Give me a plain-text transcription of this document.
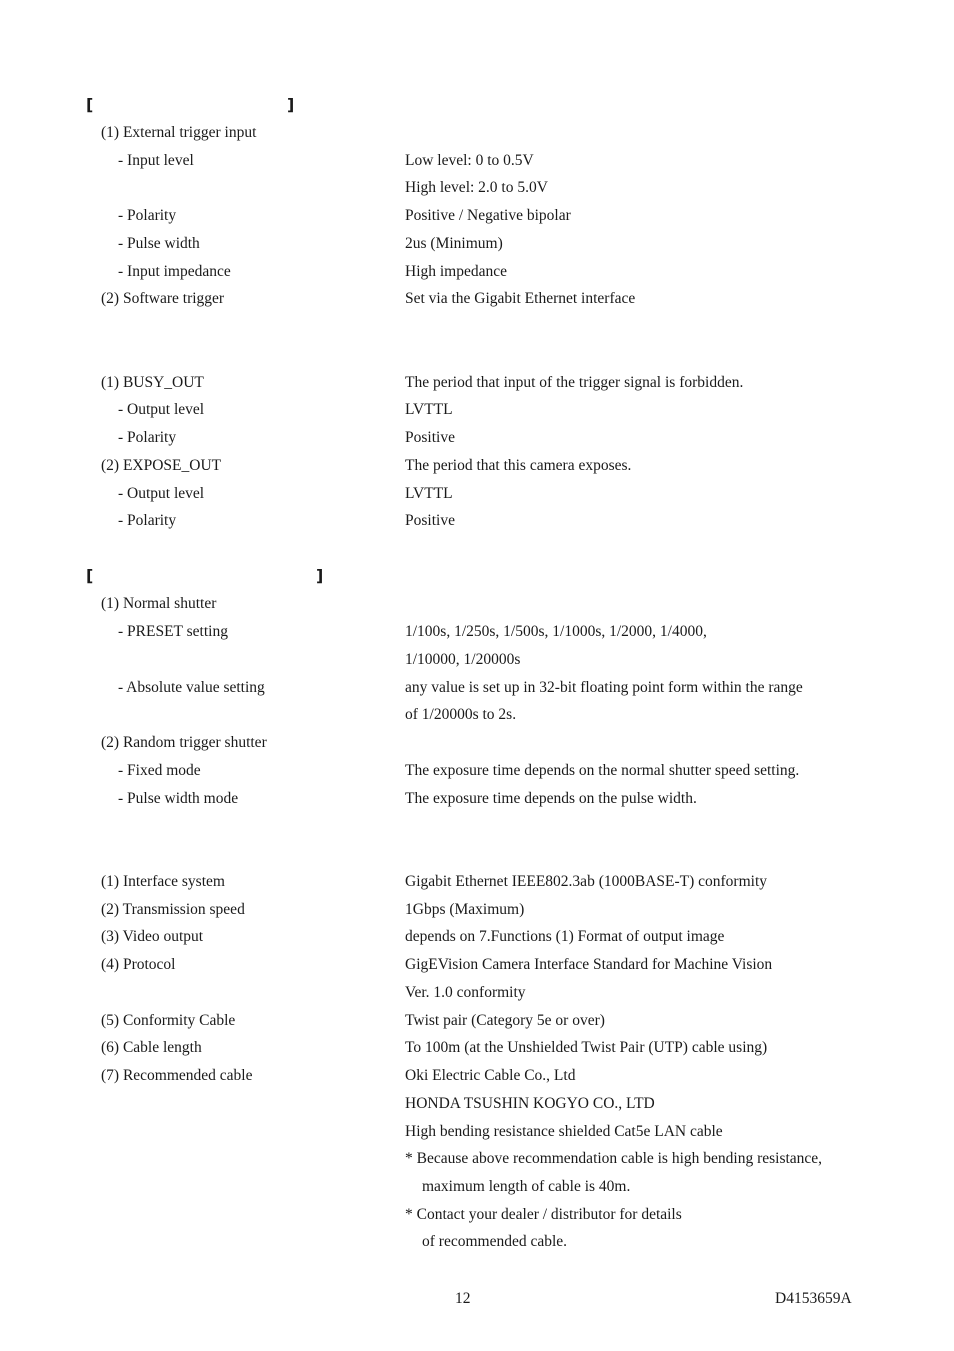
[	]
(1) External trigger input
- Input level	Low level: 0 to 0.5V
High level: 2.0 to 5.0V
- Polarity	Positive / Negative bipolar
- Pulse width	2us (Minimum)
- Input impedance	High impedance
(2) Software trigger	Set via the Gigabit Ethernet interface
(1) BUSY_OUT	The period that input of the trigger signal is forbidden.
- Output level	LVTTL
- Polarity	Positive
(2) EXPOSE_OUT	The period that this camera exposes.
- Output level	LVTTL
- Polarity	Positive
[	]
(1) Normal shutter
- PRESET setting	1/100s, 1/250s, 1/500s, 1/1000s, 1/2000, 1/4000,
1/10000, 1/20000s
- Absolute value setting	any value is set up in 32-bit floating point form within the range
of 1/20000s to 2s.
(2) Random trigger shutter
- Fixed mode	The exposure time depends on the normal shutter speed setting.
- Pulse width mode	The exposure time depends on the pulse width.
(1) Interface system	Gigabit Ethernet IEEE802.3ab (1000BASE-T) conformity
(2) Transmission speed	1Gbps (Maximum)
(3) Video output	depends on 7.Functions (1) Format of output image
(4) Protocol	GigEVision Camera Interface Standard for Machine Vision
Ver. 1.0 conformity
(5) Conformity Cable	Twist pair (Category 5e or over)
(6) Cable length	To 100m (at the Unshielded Twist Pair (UTP) cable using)
(7) Recommended cable	Oki Electric Cable Co., Ltd
HONDA TSUSHIN KOGYO CO., LTD
High bending resistance shielded Cat5e LAN cable
* Because above recommendation cable is high bending resistance,
maximum length of cable is 40m.
* Contact your dealer / distributor for details
of recommended cable.
12	D4153659A
